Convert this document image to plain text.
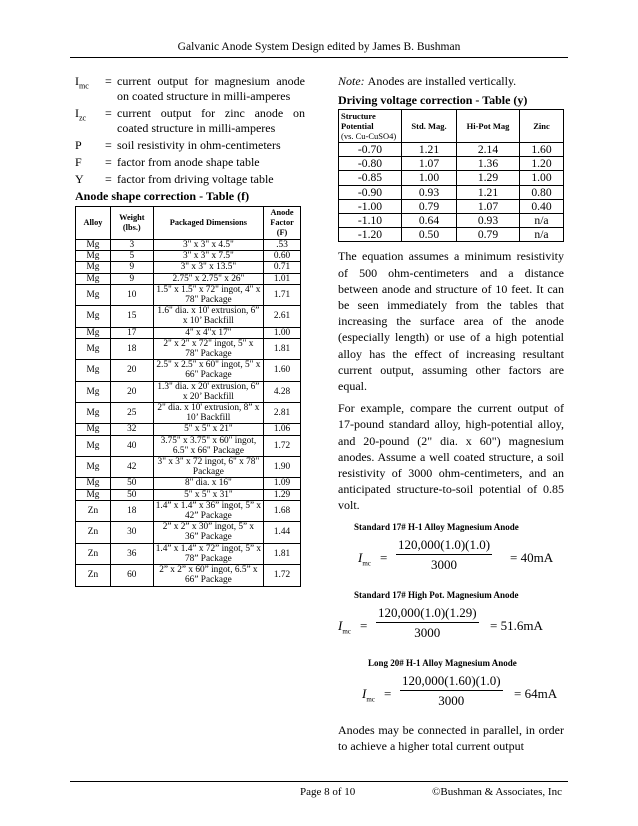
Galvanic Anode System Design edited by James B. Bushman
$I_{mc}$	= current output for magnesium anode on coated structure in milli-amperes
$I_{zc}$	= current output for zinc anode on coated structure in milli-amperes
P	= soil resistivity in ohm-centimeters
F	= factor from anode shape table
Y	= factor from driving voltage table
Anode shape correction - Table (f)
Alloy	Weight (lbs.)	Packaged Dimensions	Anode Factor (F)
Mg	3	3" x 3" x 4.5"	.53
Mg	5	3" x 3" x 7.5"	0.60
Mg	9	3" x 3" x 13.5"	0.71
Mg	9	2.75" x 2.75" x 26"	1.01
Mg	10	1.5" x 1.5" x 72" ingot, 4" x 78" Package	1.71
Mg	15	1.6" dia. x 10' extrusion, 6” x 10’ Backfill	2.61
Mg	17	4" x 4"x 17"	1.00
Mg	18	2" x 2" x 72" ingot, 5" x 78" Package	1.81
Mg	20	2.5" x 2.5" x 60" ingot, 5" x 66" Package	1.60
Mg	20	1.3" dia. x 20' extrusion, 6” x 20’ Backfill	4.28
Mg	25	2" dia. x 10' extrusion, 8” x 10’ Backfill	2.81
Mg	32	5" x 5" x 21"	1.06
Mg	40	3.75" x 3.75" x 60" ingot, 6.5" x 66" Package	1.72
Mg	42	3" x 3" x 72 ingot, 6" x 78" Package	1.90
Mg	50	8" dia. x 16"	1.09
Mg	50	5" x 5" x 31"	1.29
Zn	18	1.4” x 1.4” x 36” ingot, 5” x 42” Package	1.68
Zn	30	2” x 2” x 30” ingot, 5” x 36” Package	1.44
Zn	36	1.4” x 1.4” x 72” ingot, 5” x 78” Package	1.81
Zn	60	2” x 2” x 60” ingot, 6.5” x 66” Package	1.72
Note: Anodes are installed vertically.
Driving voltage correction - Table (y)
Structure Potential
(vs. Cu-CuSO4)	Std. Mag.	Hi-Pot Mag	Zinc
-0.70	1.21	2.14	1.60
-0.80	1.07	1.36	1.20
-0.85	1.00	1.29	1.00
-0.90	0.93	1.21	0.80
-1.00	0.79	1.07	0.40
-1.10	0.64	0.93	n/a
-1.20	0.50	0.79	n/a

The equation assumes a minimum resistivity of 500 ohm-centimeters and a distance between anode and structure of 10 feet. It can be seen immediately from the tables that increasing the surface area of the anode (especially length) or use of a high potential alloy has the effect of increasing resultant current output, assuming other factors are equal.

For example, compare the current output of 17-pound standard alloy, high-potential alloy, and 20-pound (2" dia. x 60") magnesium anodes. Assume a well coated structure, a soil resistivity of 3000 ohm-centimeters, and an anticipated structure-to-soil potential of 0.85 volt.

Standard 17# H-1 Alloy Magnesium Anode
$I_{mc} = \frac{120,000(1.0)(1.0)}{3000} = 40mA$
Standard 17# High Pot. Magnesium Anode
$I_{mc} = \frac{120,000(1.0)(1.29)}{3000} = 51.6mA$
Long 20# H-1 Alloy Magnesium Anode
$I_{mc} = \frac{120,000(1.60)(1.0)}{3000} = 64mA$

Anodes may be connected in parallel, in order to achieve a higher total current output

Page 8 of 10	©Bushman & Associates, Inc
